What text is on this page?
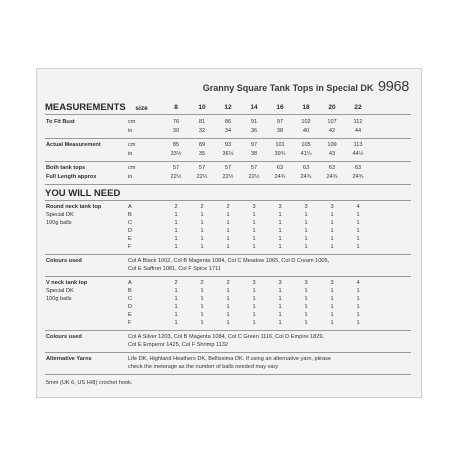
Granny Square Tank Tops in Special DK 9968
MEASUREMENTS size	8	10	12	14	16	18	20	22
To Fit Bust	cm	76	81	86	91	97	102	107	112
in	30	32	34	36	38	40	42	44
Actual Measurement	cm	85	89	93	97	101	105	109	113
in	33½	35	36½	38	39¾	41¼	43	44½
Both tank tops	cm	57	57	57	57	63	63	63	63
Full Length approx	in	22½	22½	22½	22½	24¾	24¾	24¾	24¾
YOU WILL NEED
Round neck tank top
Special DK
100g balls
A	2	2	2	3	3	3	3	4
B	1	1	1	1	1	1	1	1
C	1	1	1	1	1	1	1	1
D	1	1	1	1	1	1	1	1
E	1	1	1	1	1	1	1	1
F	1	1	1	1	1	1	1	1
Colours used	Col A Black 1002, Col B Magenta 1084, Col C Meadow 1065, Col D Cream 1005,
Col E Saffron 1081, Col F Spice 1711
V neck tank top
Special DK
100g balls
A	2	2	2	3	3	3	3	4
B	1	1	1	1	1	1	1	1
C	1	1	1	1	1	1	1	1
D	1	1	1	1	1	1	1	1
E	1	1	1	1	1	1	1	1
F	1	1	1	1	1	1	1	1
Colours used	Col A Silver 1203, Col B Magenta 1084, Col C Green 1116, Col D Empire 1829,
Col E Emperor 1425, Col F Shrimp 1132
Alternative Yarns	Life DK, Highland Heathers DK, Bellissima DK. If using an alternative yarn, please
check the meterage as the number of balls needed may vary
5mm (UK 6, US H/8) crochet hook.
